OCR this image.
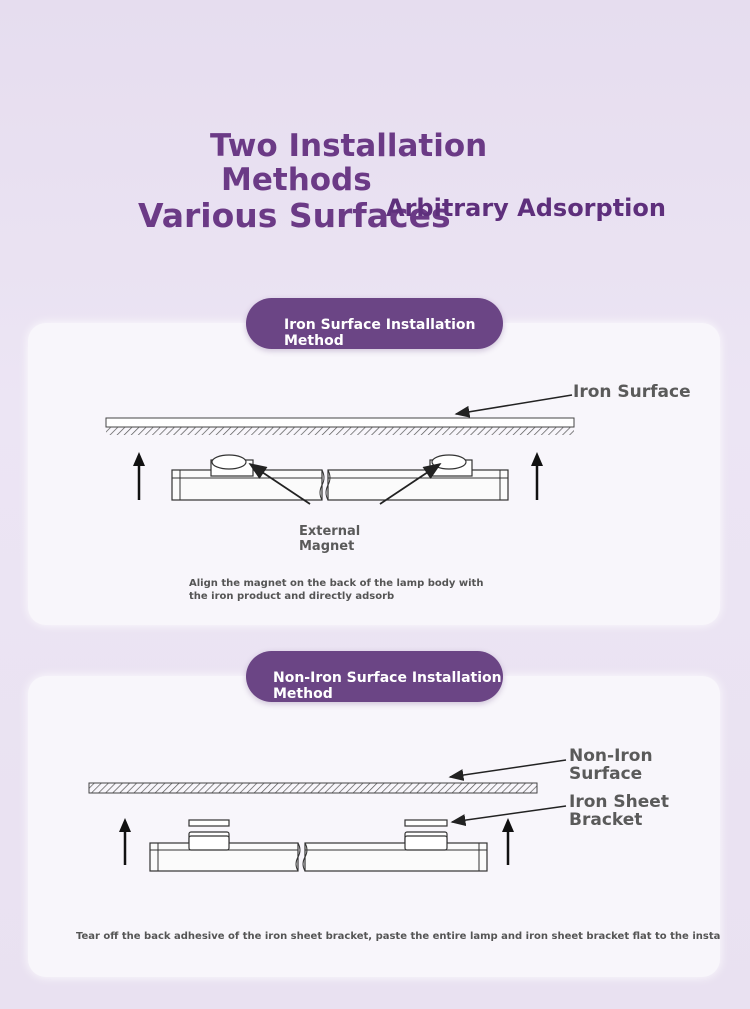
Two Installation
Methods
Various Surfaces
Arbitrary Adsorption
Iron Surface Installation Method
Non-Iron Surface Installation Method
Iron Surface
External Magnet
Align the magnet on the back of the lamp body with the iron product and directly adsorb
Non-Iron Surface
Iron Sheet Bracket
Tear off the back adhesive of the iron sheet bracket, paste the entire lamp and iron sheet bracket flat to the insta
